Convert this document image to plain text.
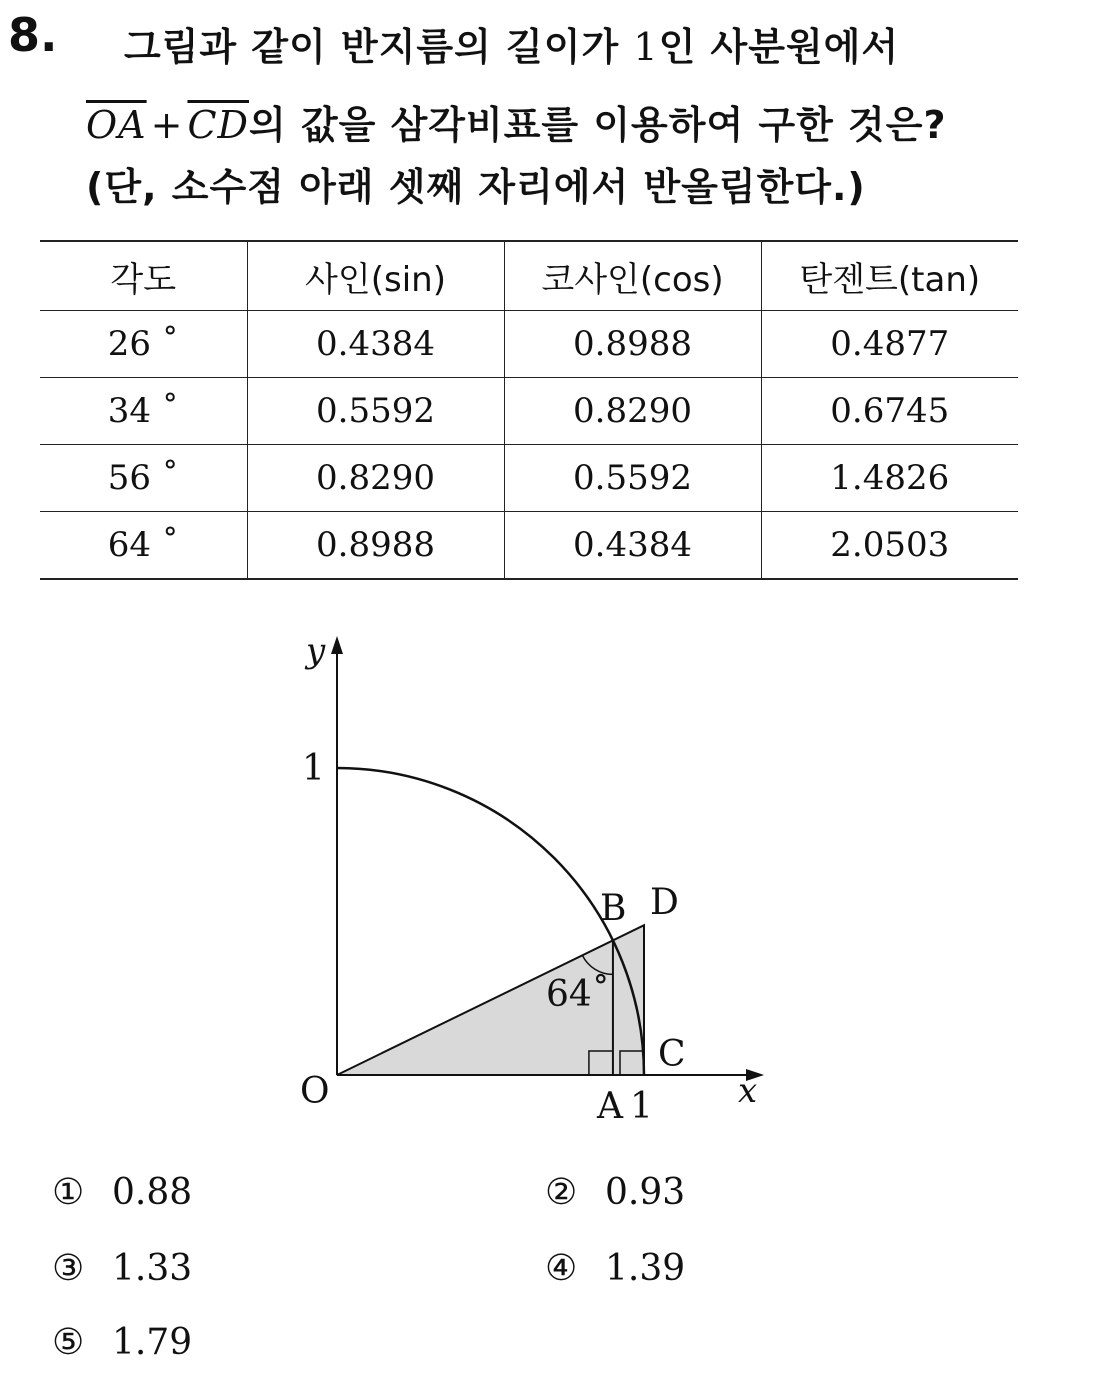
8. 그림과 같이 반지름의 길이가 1인 사분원에서
$\overline{OA} + \overline{CD}$의 값을 삼각비표를 이용하여 구한 것은?
(단, 소수점 아래 셋째 자리에서 반올림한다.)
각도	사인(sin)	코사인(cos)	탄젠트(tan)
26 ˚	0.4384	0.8988	0.4877
34 ˚	0.5592	0.8290	0.6745
56 ˚	0.8290	0.5592	1.4826
64 ˚	0.8988	0.4384	2.0503
y
1
O	x
A 1
B D
C
64˚
① 0.88	② 0.93
③ 1.33	④ 1.39
⑤ 1.79
